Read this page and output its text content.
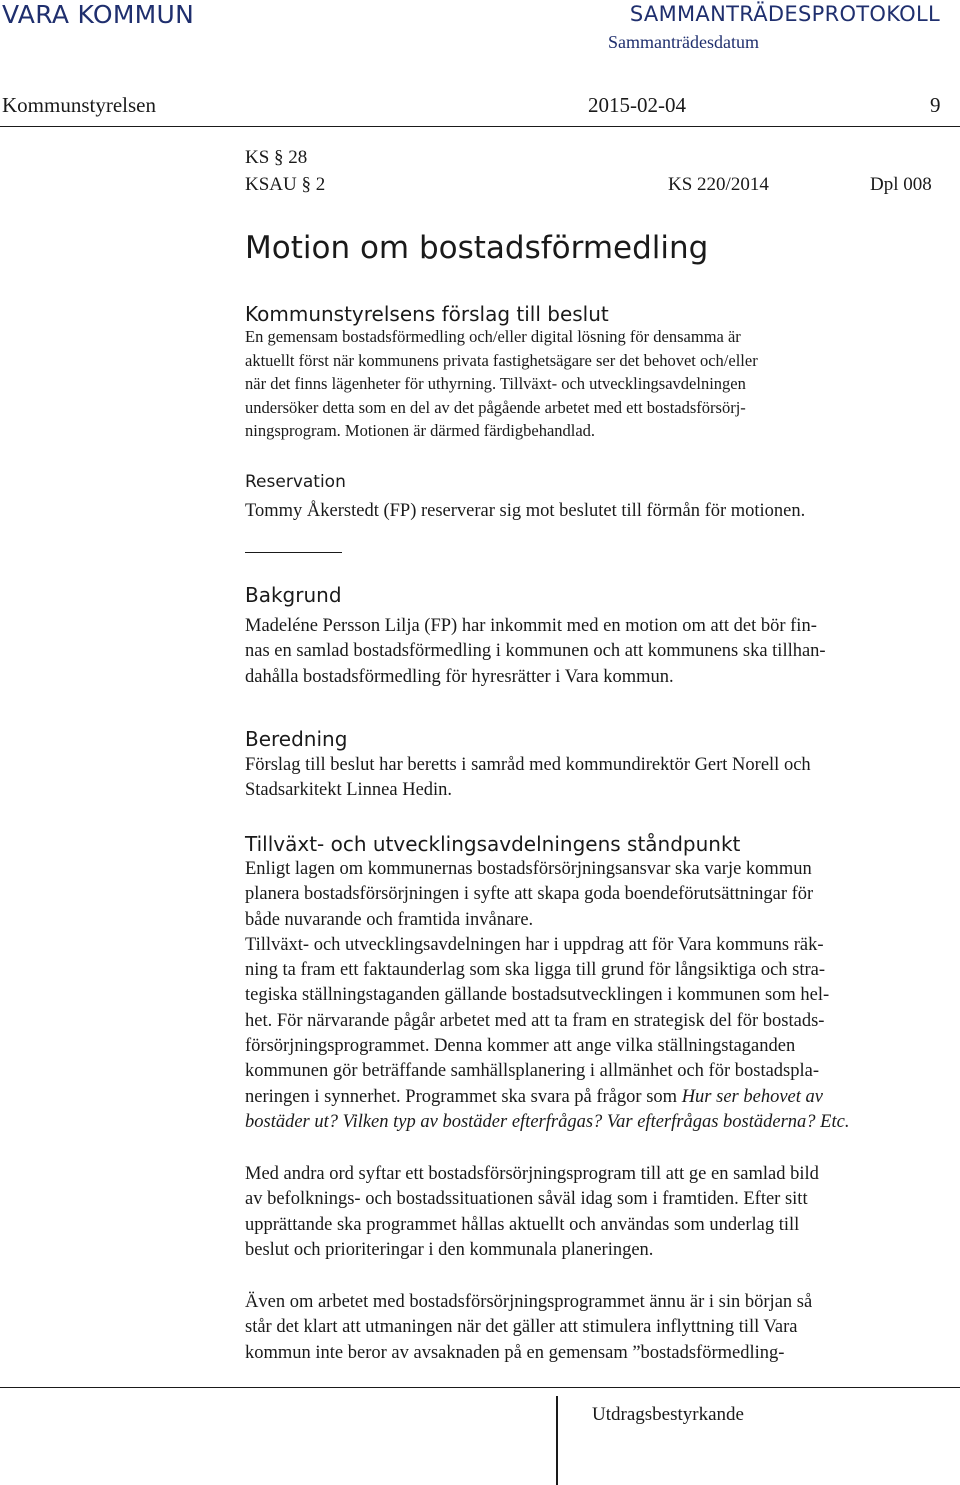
VARA KOMMUN	SAMMANTRÄDESPROTOKOLL
Sammanträdesdatum
Kommunstyrelsen	2015-02-04	9
KS § 28
KSAU § 2	KS 220/2014	Dpl 008
Motion om bostadsförmedling
Kommunstyrelsens förslag till beslut
En gemensam bostadsförmedling och/eller digital lösning för densamma är
aktuellt först när kommunens privata fastighetsägare ser det behovet och/eller
när det finns lägenheter för uthyrning. Tillväxt- och utvecklingsavdelningen
undersöker detta som en del av det pågående arbetet med ett bostadsförsörj-
ningsprogram. Motionen är därmed färdigbehandlad.
Reservation
Tommy Åkerstedt (FP) reserverar sig mot beslutet till förmån för motionen.
Bakgrund
Madeléne Persson Lilja (FP) har inkommit med en motion om att det bör fin-
nas en samlad bostadsförmedling i kommunen och att kommunens ska tillhan-
dahålla bostadsförmedling för hyresrätter i Vara kommun.
Beredning
Förslag till beslut har beretts i samråd med kommundirektör Gert Norell och
Stadsarkitekt Linnea Hedin.
Tillväxt- och utvecklingsavdelningens ståndpunkt
Enligt lagen om kommunernas bostadsförsörjningsansvar ska varje kommun
planera bostadsförsörjningen i syfte att skapa goda boendeförutsättningar för
både nuvarande och framtida invånare.
Tillväxt- och utvecklingsavdelningen har i uppdrag att för Vara kommuns räk-
ning ta fram ett faktaunderlag som ska ligga till grund för långsiktiga och stra-
tegiska ställningstaganden gällande bostadsutvecklingen i kommunen som hel-
het. För närvarande pågår arbetet med att ta fram en strategisk del för bostads-
försörjningsprogrammet. Denna kommer att ange vilka ställningstaganden
kommunen gör beträffande samhällsplanering i allmänhet och för bostadspla-
neringen i synnerhet. Programmet ska svara på frågor som Hur ser behovet av
bostäder ut? Vilken typ av bostäder efterfrågas? Var efterfrågas bostäderna? Etc.
Med andra ord syftar ett bostadsförsörjningsprogram till att ge en samlad bild
av befolknings- och bostadssituationen såväl idag som i framtiden. Efter sitt
upprättande ska programmet hållas aktuellt och användas som underlag till
beslut och prioriteringar i den kommunala planeringen.
Även om arbetet med bostadsförsörjningsprogrammet ännu är i sin början så
står det klart att utmaningen när det gäller att stimulera inflyttning till Vara
kommun inte beror av avsaknaden på en gemensam ”bostadsförmedling-
Utdragsbestyrkande
